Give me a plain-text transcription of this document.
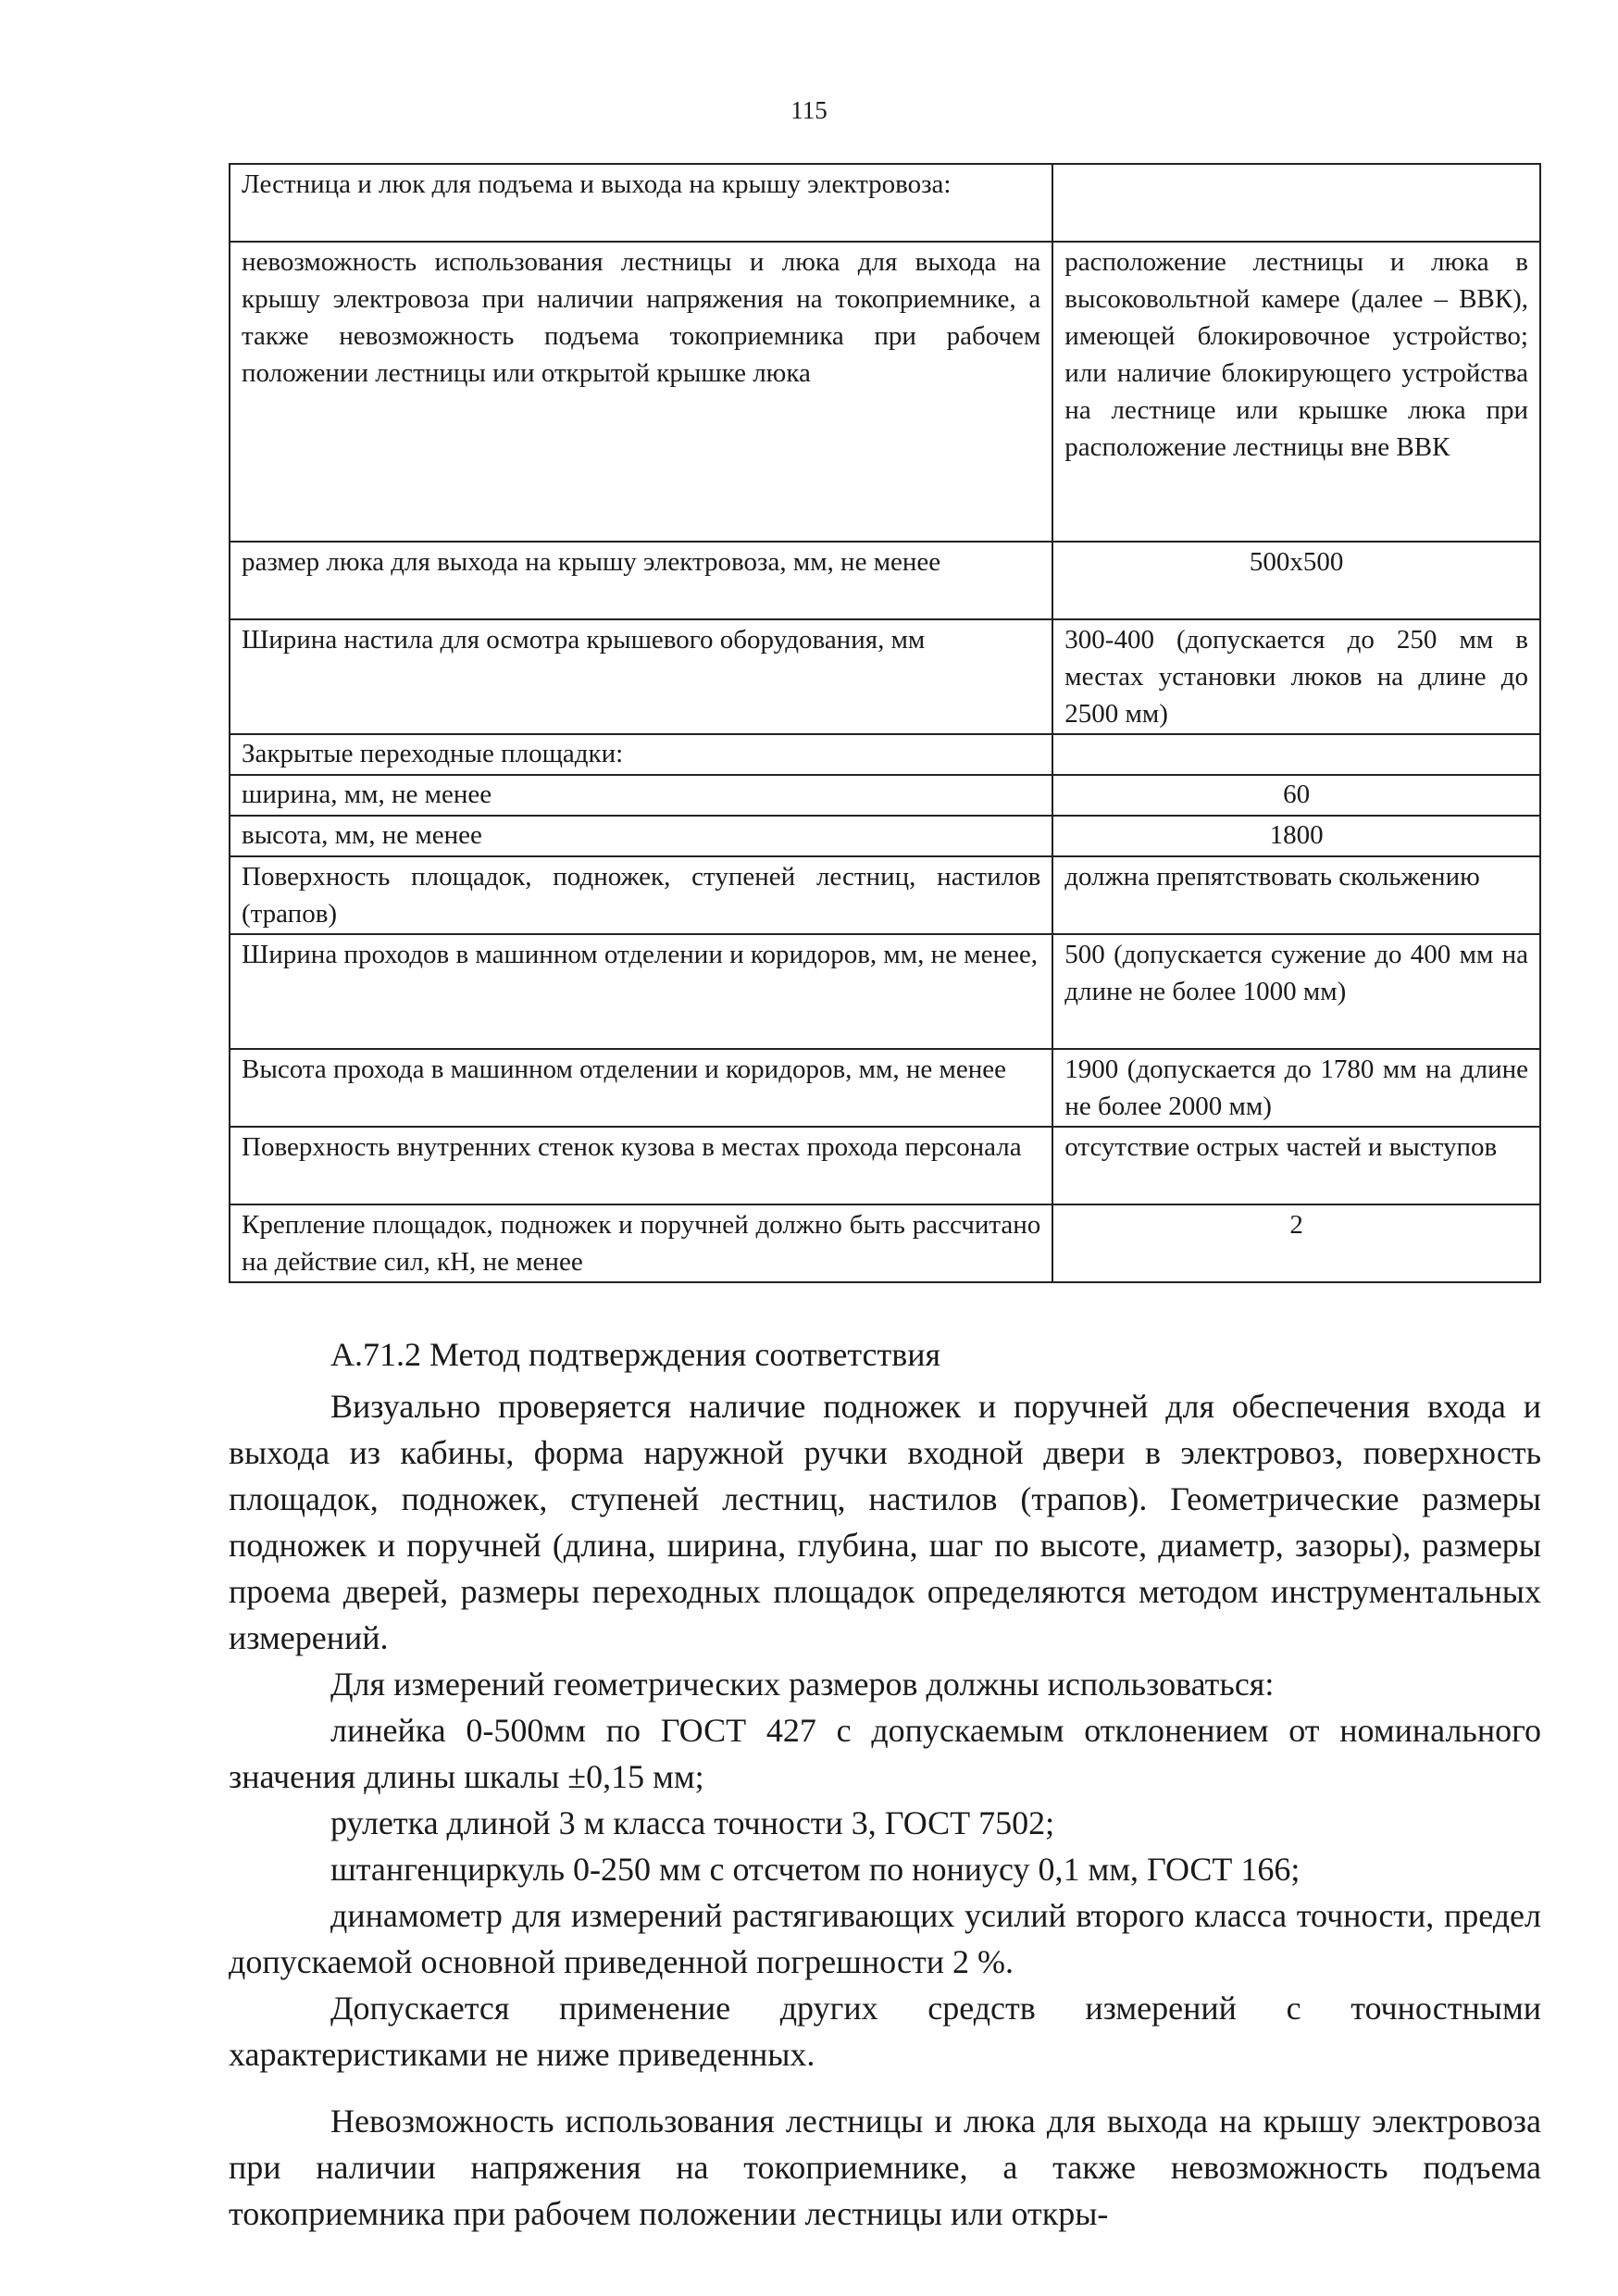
115
Лестница и люк для подъема и выхода на крышу электровоза:	
невозможность использования лестницы и люка для выхода на крышу электровоза при наличии напряжения на токоприемнике, а также невозможность подъема токоприемника при рабочем положении лестницы или открытой крышке люка	расположение лестницы и люка в высоковольтной камере (далее – ВВК), имеющей блокировочное устройство; или наличие блокирующего устройства на лестнице или крышке люка при расположение лестницы вне ВВК
размер люка для выхода на крышу электровоза, мм, не менее	500х500
Ширина настила для осмотра крышевого оборудования, мм	300-400 (допускается до 250 мм в местах установки люков на длине до 2500 мм)
Закрытые переходные площадки:	
ширина, мм, не менее	60
высота, мм, не менее	1800
Поверхность площадок, подножек, ступеней лестниц, настилов (трапов)	должна препятствовать скольжению
Ширина проходов в машинном отделении и коридоров, мм, не менее,	500 (допускается сужение до 400 мм на длине не более 1000 мм)
Высота прохода в машинном отделении и коридоров, мм, не менее	1900 (допускается до 1780 мм на длине не более 2000 мм)
Поверхность внутренних стенок кузова в местах прохода персонала	отсутствие острых частей и выступов
Крепление площадок, подножек и поручней должно быть рассчитано на действие сил, кН, не менее	2

А.71.2 Метод подтверждения соответствия

Визуально проверяется наличие подножек и поручней для обеспечения входа и выхода из кабины, форма наружной ручки входной двери в электровоз, поверхность площадок, подножек, ступеней лестниц, настилов (трапов). Геометрические размеры подножек и поручней (длина, ширина, глубина, шаг по высоте, диаметр, зазоры), размеры проема дверей, размеры переходных площадок определяются методом инструментальных измерений.

Для измерений геометрических размеров должны использоваться:

линейка 0-500мм по ГОСТ 427 с допускаемым отклонением от номинального значения длины шкалы ±0,15 мм;

рулетка длиной 3 м класса точности 3, ГОСТ 7502;

штангенциркуль 0-250 мм с отсчетом по нониусу 0,1 мм, ГОСТ 166;

динамометр для измерений растягивающих усилий второго класса точности, предел допускаемой основной приведенной погрешности 2 %.

Допускается применение других средств измерений с точностными характеристиками не ниже приведенных.

Невозможность использования лестницы и люка для выхода на крышу электровоза при наличии напряжения на токоприемнике, а также невозможность подъема токоприемника при рабочем положении лестницы или откры-
